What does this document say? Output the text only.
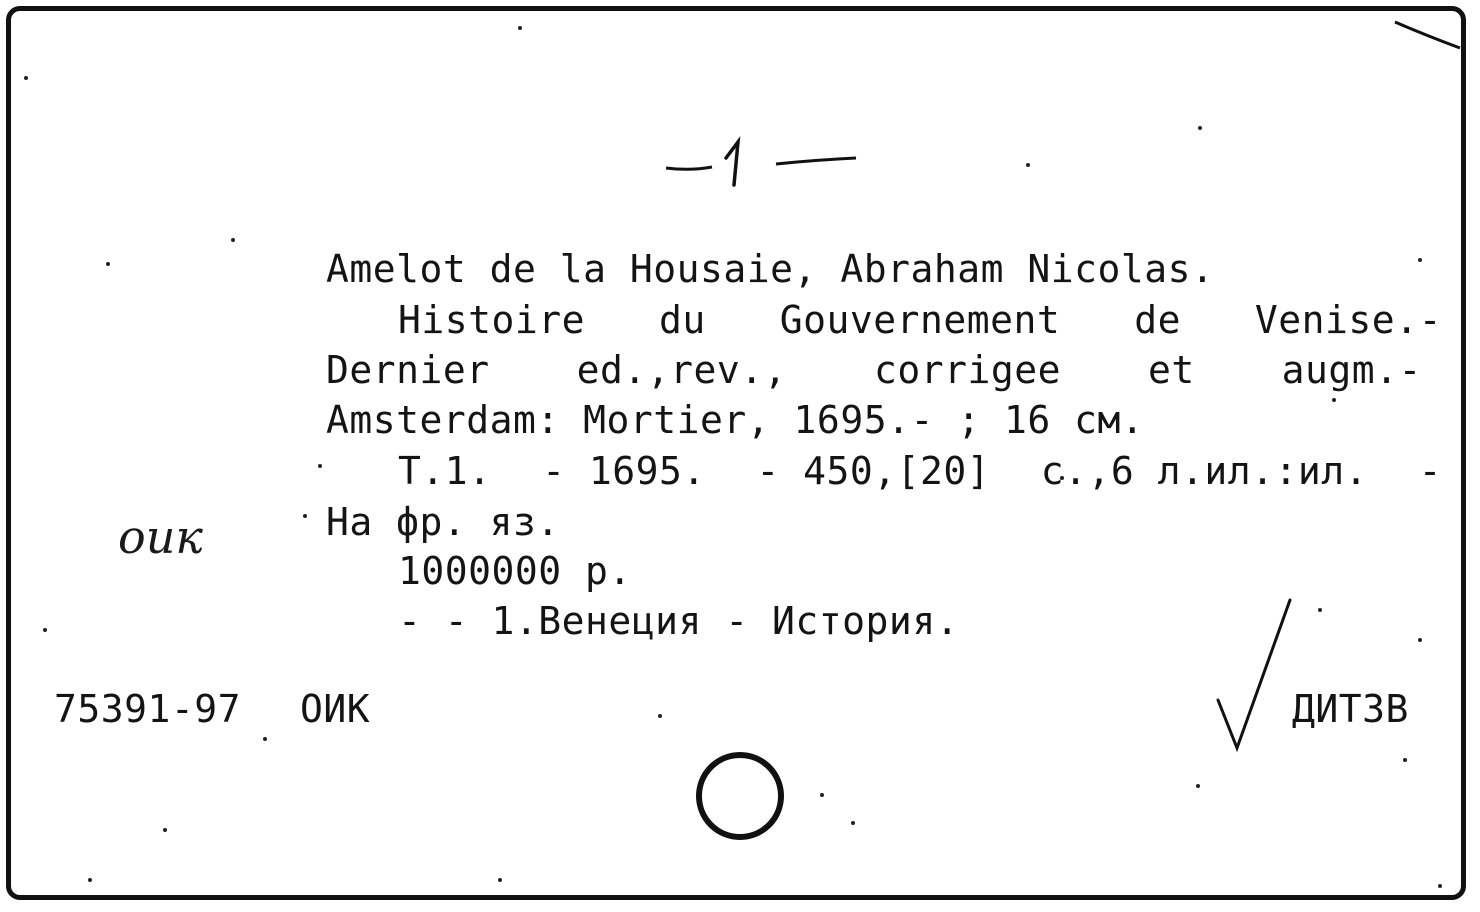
Amelot de la Housaie, Abraham Nicolas.
Histoire du Gouvernement de Venise.-
Dernier ed.,rev., corrigee et augm.-
Amsterdam: Mortier, 1695.- ; 16 см.
Т.1. - 1695. - 450,[20] с.,6 л.ил.:ил. -
На фр. яз.
оик
1000000 р.
- - 1.Венеция - История.
75391-97 ОИК	ДИТЗВ
